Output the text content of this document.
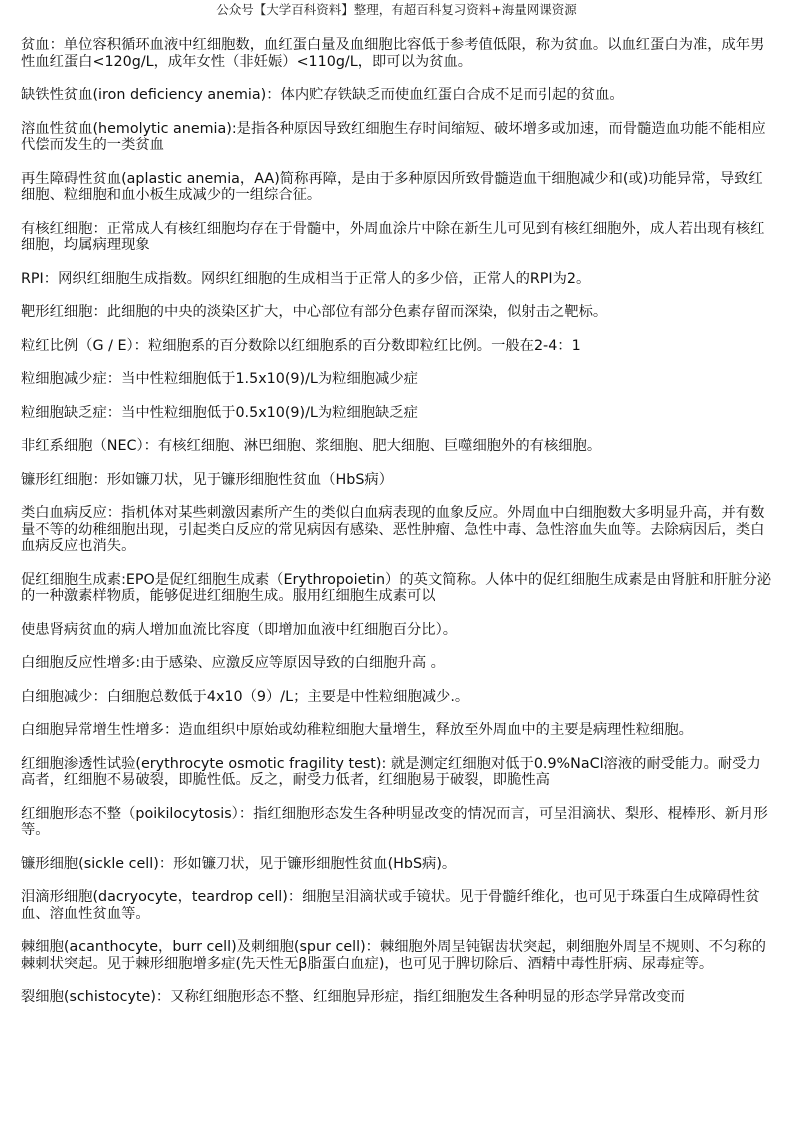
公众号【大学百科资料】整理，有超百科复习资料+海量网课资源

贫血：单位容积循环血液中红细胞数，血红蛋白量及血细胞比容低于参考值低限，称为贫血。以血红蛋白为准，成年男性血红蛋白<120g/L，成年女性（非妊娠）<110g/L，即可以为贫血。

缺铁性贫血(iron deficiency anemia)：体内贮存铁缺乏而使血红蛋白合成不足而引起的贫血。

溶血性贫血(hemolytic anemia):是指各种原因导致红细胞生存时间缩短、破坏增多或加速，而骨髓造血功能不能相应代偿而发生的一类贫血

再生障碍性贫血(aplastic anemia，AA)简称再障，是由于多种原因所致骨髓造血干细胞减少和(或)功能异常，导致红细胞、粒细胞和血小板生成减少的一组综合征。

有核红细胞：正常成人有核红细胞均存在于骨髓中，外周血涂片中除在新生儿可见到有核红细胞外，成人若出现有核红细胞，均属病理现象

RPI：网织红细胞生成指数。网织红细胞的生成相当于正常人的多少倍，正常人的RPI为2。

靶形红细胞：此细胞的中央的淡染区扩大，中心部位有部分色素存留而深染，似射击之靶标。

粒红比例（G / E）：粒细胞系的百分数除以红细胞系的百分数即粒红比例。一般在2-4：1

粒细胞减少症：当中性粒细胞低于1.5x10(9)/L为粒细胞减少症

粒细胞缺乏症：当中性粒细胞低于0.5x10(9)/L为粒细胞缺乏症

非红系细胞（NEC）：有核红细胞、淋巴细胞、浆细胞、肥大细胞、巨噬细胞外的有核细胞。

镰形红细胞：形如镰刀状，见于镰形细胞性贫血（HbS病）

类白血病反应：指机体对某些刺激因素所产生的类似白血病表现的血象反应。外周血中白细胞数大多明显升高，并有数量不等的幼稚细胞出现，引起类白反应的常见病因有感染、恶性肿瘤、急性中毒、急性溶血失血等。去除病因后，类白血病反应也消失。

促红细胞生成素:EPO是促红细胞生成素（Erythropoietin）的英文简称。人体中的促红细胞生成素是由肾脏和肝脏分泌的一种激素样物质，能够促进红细胞生成。服用红细胞生成素可以

使患肾病贫血的病人增加血流比容度（即增加血液中红细胞百分比）。

白细胞反应性增多:由于感染、应激反应等原因导致的白细胞升高 。

白细胞减少：白细胞总数低于4x10（9）/L；主要是中性粒细胞减少.。

白细胞异常增生性增多：造血组织中原始或幼稚粒细胞大量增生，释放至外周血中的主要是病理性粒细胞。

红细胞渗透性试验(erythrocyte osmotic fragility test): 就是测定红细胞对低于0.9%NaCl溶液的耐受能力。耐受力高者，红细胞不易破裂，即脆性低。反之，耐受力低者，红细胞易于破裂，即脆性高

红细胞形态不整（poikilocytosis）：指红细胞形态发生各种明显改变的情况而言，可呈泪滴状、梨形、棍棒形、新月形等。

镰形细胞(sickle cell)：形如镰刀状，见于镰形细胞性贫血(HbS病)。

泪滴形细胞(dacryocyte，teardrop cell)：细胞呈泪滴状或手镜状。见于骨髓纤维化，也可见于珠蛋白生成障碍性贫血、溶血性贫血等。

棘细胞(acanthocyte，burr cell)及刺细胞(spur cell)：棘细胞外周呈钝锯齿状突起，刺细胞外周呈不规则、不匀称的棘刺状突起。见于棘形细胞增多症(先天性无β脂蛋白血症)，也可见于脾切除后、酒精中毒性肝病、尿毒症等。

裂细胞(schistocyte)：又称红细胞形态不整、红细胞异形症，指红细胞发生各种明显的形态学异常改变而
